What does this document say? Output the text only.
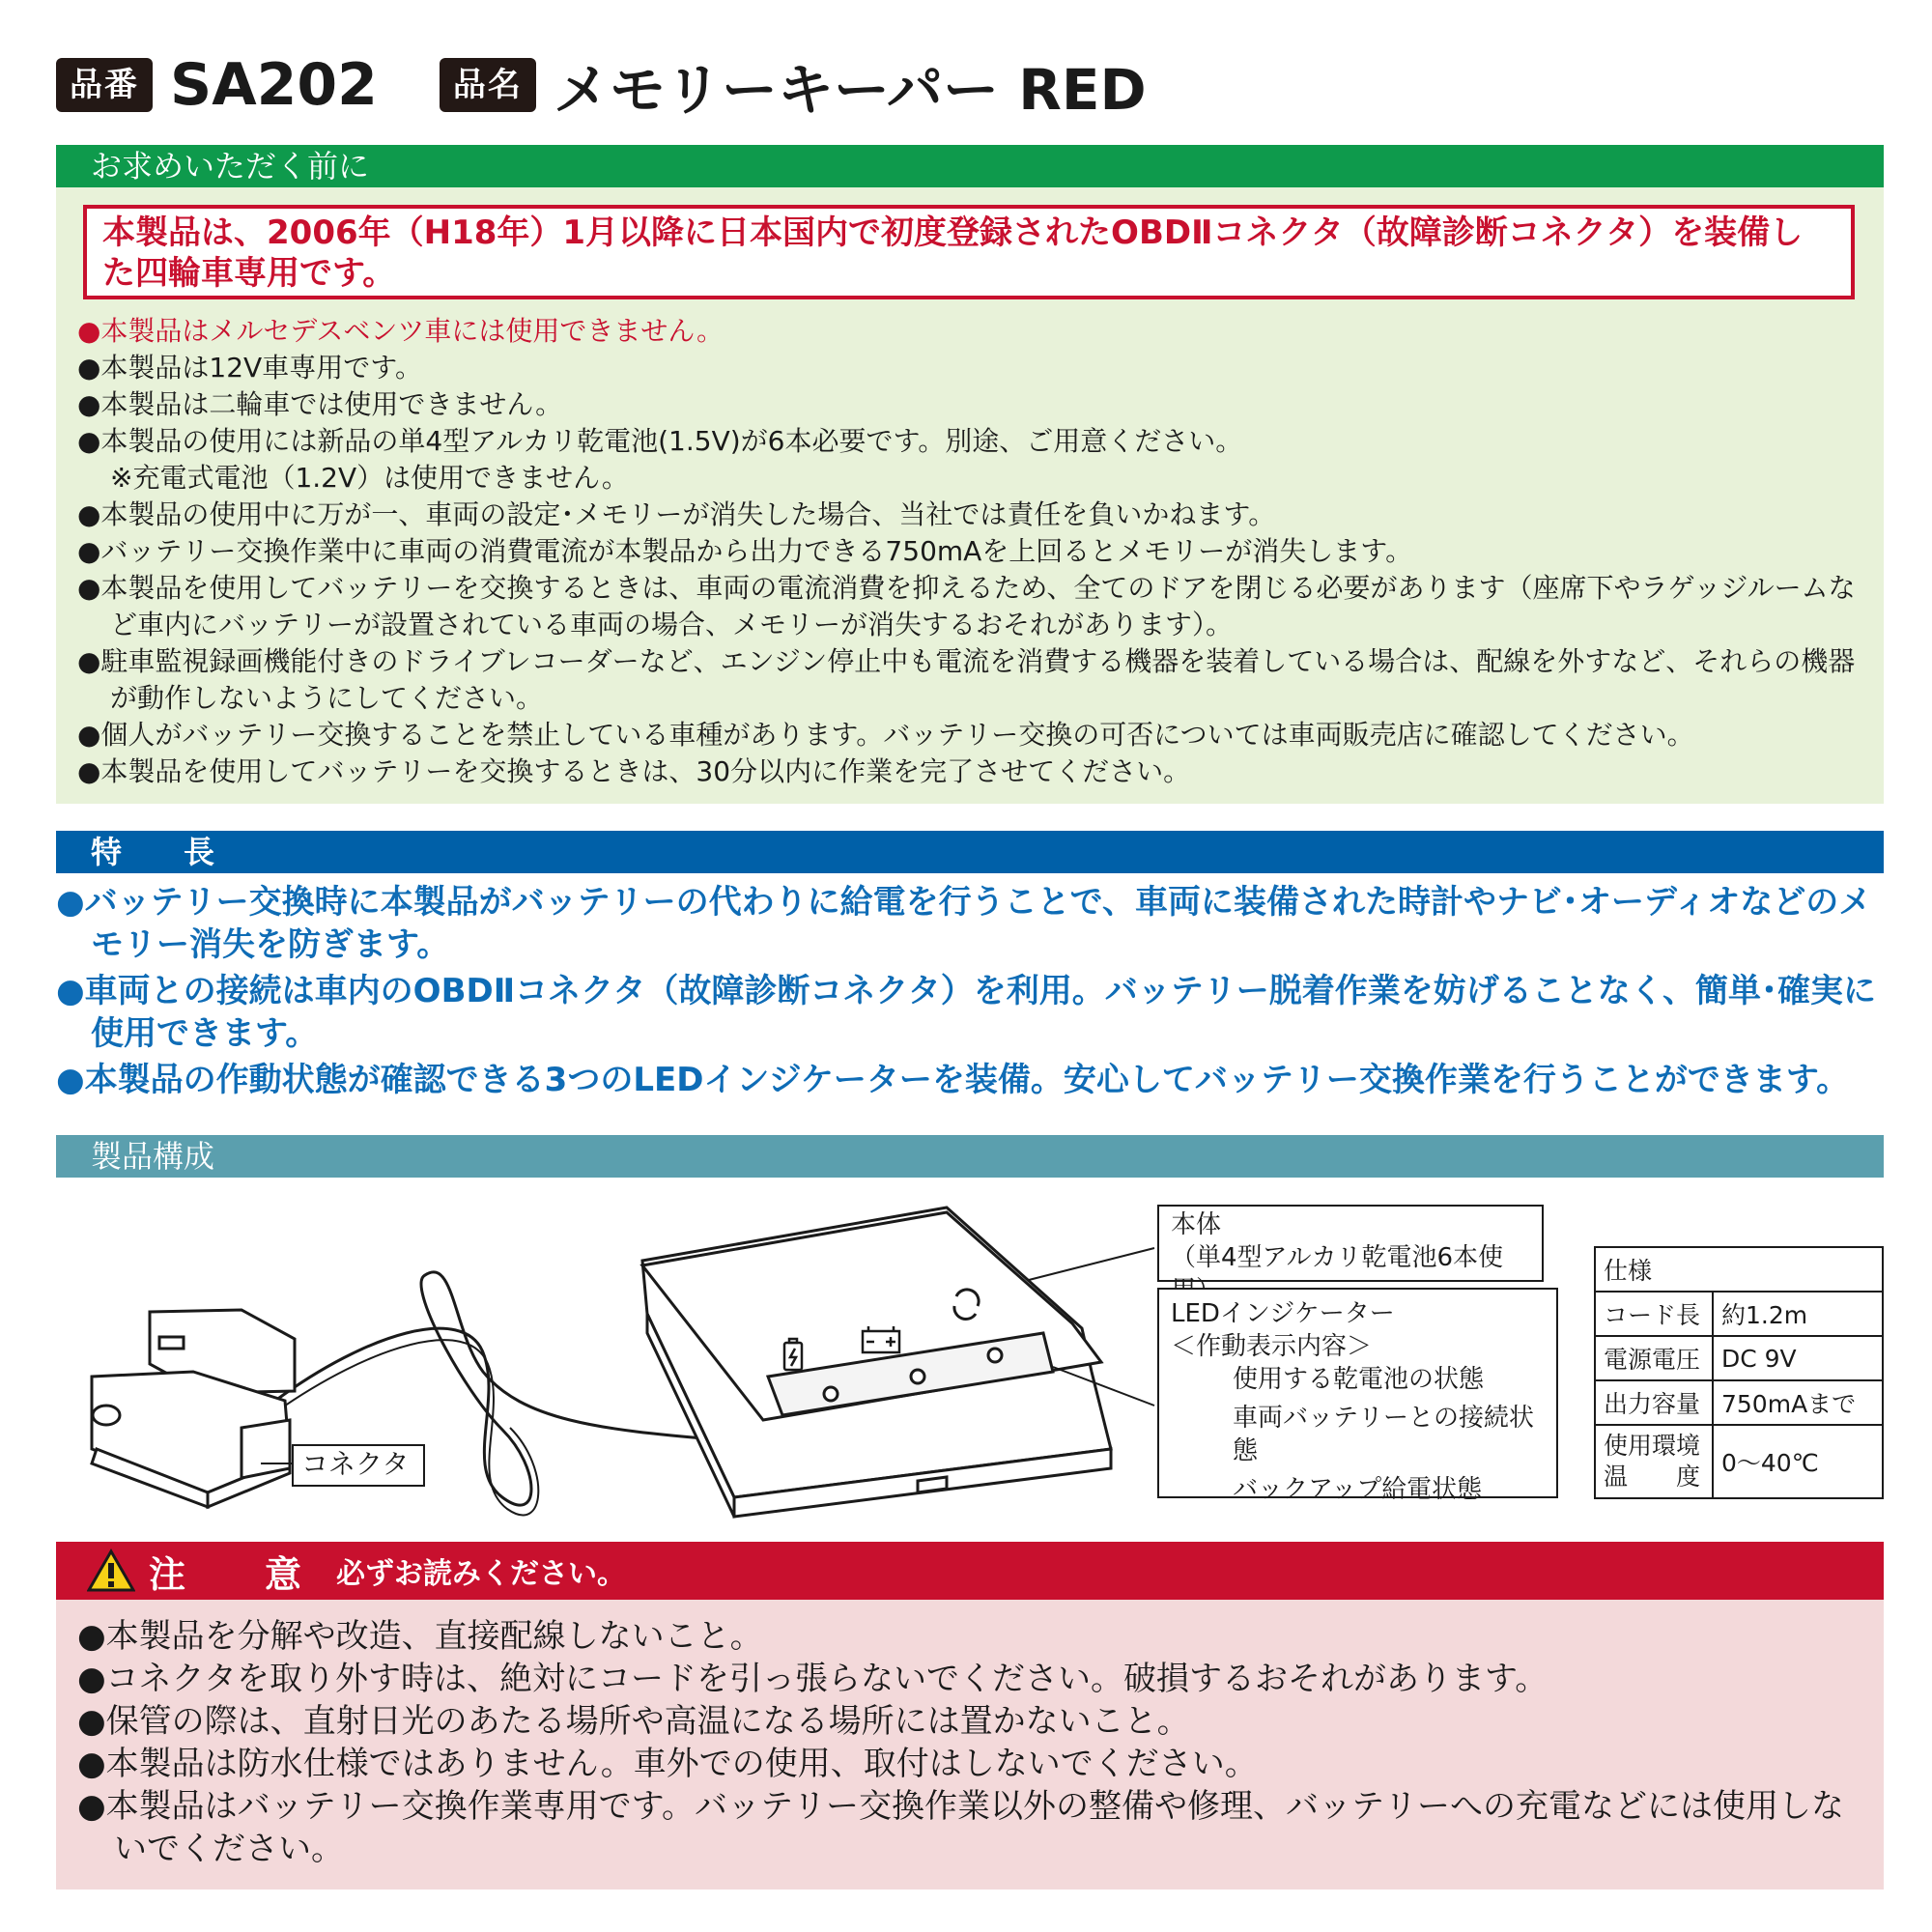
品番 SA202	品名 メモリーキーパー RED
お求めいただく前に
本製品は、2006年（H18年）1月以降に日本国内で初度登録されたOBDⅡコネクタ（故障診断コネクタ）を装備した四輪車専用です。
●本製品はメルセデスベンツ車には使用できません。
●本製品は12V車専用です。
●本製品は二輪車では使用できません。
●本製品の使用には新品の単4型アルカリ乾電池(1.5V)が6本必要です。別途、ご用意ください。
※充電式電池（1.2V）は使用できません。
●本製品の使用中に万が一、車両の設定･メモリーが消失した場合、当社では責任を負いかねます。
●バッテリー交換作業中に車両の消費電流が本製品から出力できる750mAを上回るとメモリーが消失します。
●本製品を使用してバッテリーを交換するときは、車両の電流消費を抑えるため、全てのドアを閉じる必要があります（座席下やラゲッジルームなど車内にバッテリーが設置されている車両の場合、メモリーが消失するおそれがあります）。
●駐車監視録画機能付きのドライブレコーダーなど、エンジン停止中も電流を消費する機器を装着している場合は、配線を外すなど、それらの機器が動作しないようにしてください。
●個人がバッテリー交換することを禁止している車種があります。バッテリー交換の可否については車両販売店に確認してください。
●本製品を使用してバッテリーを交換するときは、30分以内に作業を完了させてください。
特　　長
●バッテリー交換時に本製品がバッテリーの代わりに給電を行うことで、車両に装備された時計やナビ･オーディオなどのメモリー消失を防ぎます。
●車両との接続は車内のOBDⅡコネクタ（故障診断コネクタ）を利用。バッテリー脱着作業を妨げることなく、簡単･確実に使用できます。
●本製品の作動状態が確認できる3つのLEDインジケーターを装備。安心してバッテリー交換作業を行うことができます。
製品構成
本体
（単4型アルカリ乾電池6本使
LEDインジケーター
＜作動表示内容＞
使用する乾電池の状態
車両バッテリーとの接続状態
バックアップ給電状態
コネクタ
仕様	
コード長	約1.2m
電源電圧	DC 9V
出力容量	750mAまで

使用環境
温　　度	0〜40℃
注　意 必ずお読みください。
●本製品を分解や改造、直接配線しないこと。
●コネクタを取り外す時は、絶対にコードを引っ張らないでください。破損するおそれがあります。
●保管の際は、直射日光のあたる場所や高温になる場所には置かないこと。
●本製品は防水仕様ではありません。車外での使用、取付はしないでください。
●本製品はバッテリー交換作業専用です。バッテリー交換作業以外の整備や修理、バッテリーへの充電などには使用しないでください。
